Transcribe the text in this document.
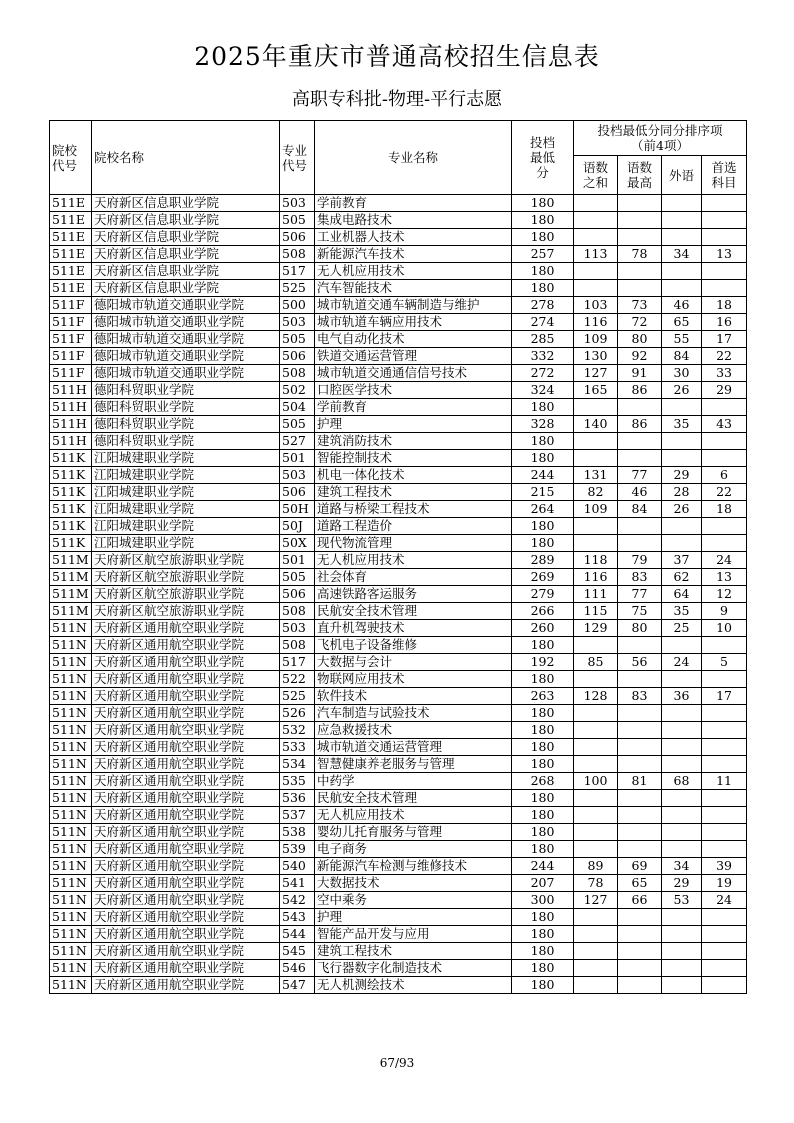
2025年重庆市普通高校招生信息表
高职专科批-物理-平行志愿
院校代号	院校名称	专业代号	专业名称	投档最低分	投档最低分同分排序项（前4项）			
					语数之和	语数最高	外语	首选科目
511E	天府新区信息职业学院	503	学前教育	180				
511E	天府新区信息职业学院	505	集成电路技术	180				
511E	天府新区信息职业学院	506	工业机器人技术	180				
511E	天府新区信息职业学院	508	新能源汽车技术	257	113	78	34	13
511E	天府新区信息职业学院	517	无人机应用技术	180				
511E	天府新区信息职业学院	525	汽车智能技术	180				
511F	德阳城市轨道交通职业学院	500	城市轨道交通车辆制造与维护	278	103	73	46	18
511F	德阳城市轨道交通职业学院	503	城市轨道车辆应用技术	274	116	72	65	16
511F	德阳城市轨道交通职业学院	505	电气自动化技术	285	109	80	55	17
511F	德阳城市轨道交通职业学院	506	铁道交通运营管理	332	130	92	84	22
511F	德阳城市轨道交通职业学院	508	城市轨道交通通信信号技术	272	127	91	30	33
511H	德阳科贸职业学院	502	口腔医学技术	324	165	86	26	29
511H	德阳科贸职业学院	504	学前教育	180				
511H	德阳科贸职业学院	505	护理	328	140	86	35	43
511H	德阳科贸职业学院	527	建筑消防技术	180				
511K	江阳城建职业学院	501	智能控制技术	180				
511K	江阳城建职业学院	503	机电一体化技术	244	131	77	29	6
511K	江阳城建职业学院	506	建筑工程技术	215	82	46	28	22
511K	江阳城建职业学院	50H	道路与桥梁工程技术	264	109	84	26	18
511K	江阳城建职业学院	50J	道路工程造价	180				
511K	江阳城建职业学院	50X	现代物流管理	180				
511M	天府新区航空旅游职业学院	501	无人机应用技术	289	118	79	37	24
511M	天府新区航空旅游职业学院	505	社会体育	269	116	83	62	13
511M	天府新区航空旅游职业学院	506	高速铁路客运服务	279	111	77	64	12
511M	天府新区航空旅游职业学院	508	民航安全技术管理	266	115	75	35	9
511N	天府新区通用航空职业学院	503	直升机驾驶技术	260	129	80	25	10
511N	天府新区通用航空职业学院	508	飞机电子设备维修	180				
511N	天府新区通用航空职业学院	517	大数据与会计	192	85	56	24	5
511N	天府新区通用航空职业学院	522	物联网应用技术	180				
511N	天府新区通用航空职业学院	525	软件技术	263	128	83	36	17
511N	天府新区通用航空职业学院	526	汽车制造与试验技术	180				
511N	天府新区通用航空职业学院	532	应急救援技术	180				
511N	天府新区通用航空职业学院	533	城市轨道交通运营管理	180				
511N	天府新区通用航空职业学院	534	智慧健康养老服务与管理	180				
511N	天府新区通用航空职业学院	535	中药学	268	100	81	68	11
511N	天府新区通用航空职业学院	536	民航安全技术管理	180				
511N	天府新区通用航空职业学院	537	无人机应用技术	180				
511N	天府新区通用航空职业学院	538	婴幼儿托育服务与管理	180				
511N	天府新区通用航空职业学院	539	电子商务	180				
511N	天府新区通用航空职业学院	540	新能源汽车检测与维修技术	244	89	69	34	39
511N	天府新区通用航空职业学院	541	大数据技术	207	78	65	29	19
511N	天府新区通用航空职业学院	542	空中乘务	300	127	66	53	24
511N	天府新区通用航空职业学院	543	护理	180				
511N	天府新区通用航空职业学院	544	智能产品开发与应用	180				
511N	天府新区通用航空职业学院	545	建筑工程技术	180				
511N	天府新区通用航空职业学院	546	飞行器数字化制造技术	180				
511N	天府新区通用航空职业学院	547	无人机测绘技术	180				
67/93
